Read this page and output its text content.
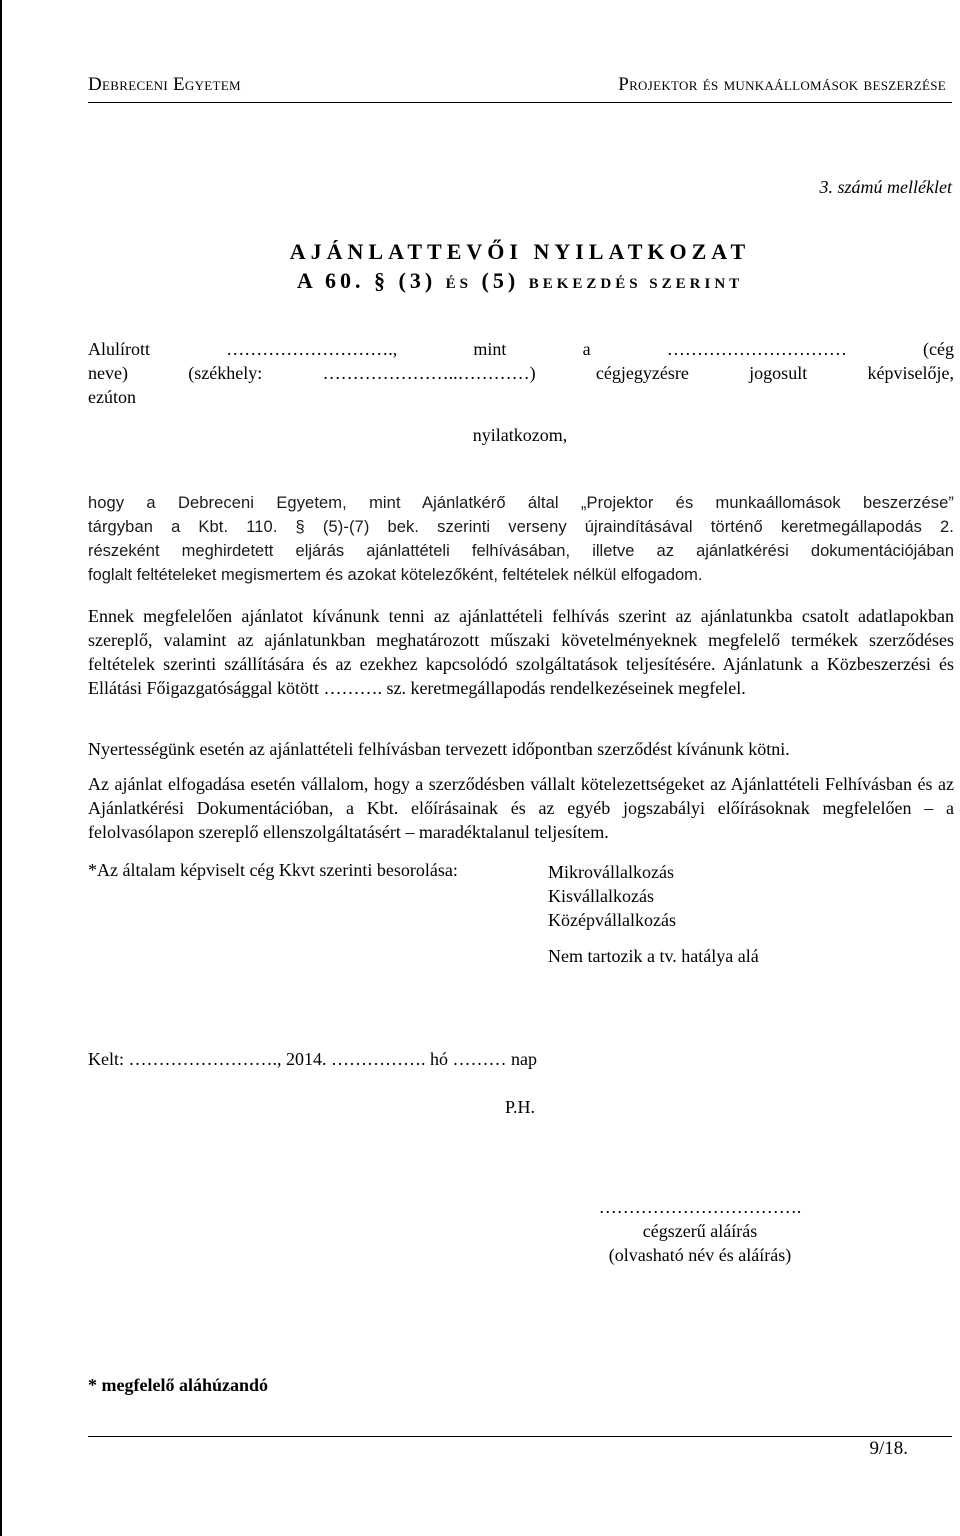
Debreceni Egyetem	Projektor és munkaállomások beszerzése
3. számú melléklet
AJÁNLATTEVŐI NYILATKOZAT
A 60. § (3) ÉS (5) BEKEZDÉS SZERINT
Alulírott ………………………., mint a ………………………… (cég
neve) (székhely: …………………..…………) cégjegyzésre jogosult képviselője,
ezúton
nyilatkozom,
hogy a Debreceni Egyetem, mint Ajánlatkérő által „Projektor és munkaállomások beszerzése”
tárgyban a Kbt. 110. § (5)-(7) bek. szerinti verseny újraindításával történő keretmegállapodás 2.
részeként meghirdetett eljárás ajánlattételi felhívásában, illetve az ajánlatkérési dokumentációjában
foglalt feltételeket megismertem és azokat kötelezőként, feltételek nélkül elfogadom.
Ennek megfelelően ajánlatot kívánunk tenni az ajánlattételi felhívás szerint az ajánlatunkba csatolt adatlapokban szereplő, valamint az ajánlatunkban meghatározott műszaki követelményeknek megfelelő termékek szerződéses feltételek szerinti szállítására és az ezekhez kapcsolódó szolgáltatások teljesítésére. Ajánlatunk a Közbeszerzési és Ellátási Főigazgatósággal kötött ………. sz. keretmegállapodás rendelkezéseinek megfelel.
Nyertességünk esetén az ajánlattételi felhívásban tervezett időpontban szerződést kívánunk kötni.
Az ajánlat elfogadása esetén vállalom, hogy a szerződésben vállalt kötelezettségeket az Ajánlattételi Felhívásban és az Ajánlatkérési Dokumentációban, a Kbt. előírásainak és az egyéb jogszabályi előírásoknak megfelelően – a felolvasólapon szereplő ellenszolgáltatásért – maradéktalanul teljesítem.
*Az általam képviselt cég Kkvt szerinti besorolása:	Mikrovállalkozás
Kisvállalkozás
Középvállalkozás
Nem tartozik a tv. hatálya alá
Kelt: ……………………., 2014. ……………. hó ……… nap
P.H.
…………………………….
cégszerű aláírás
(olvasható név és aláírás)
* megfelelő aláhúzandó
9/18.
